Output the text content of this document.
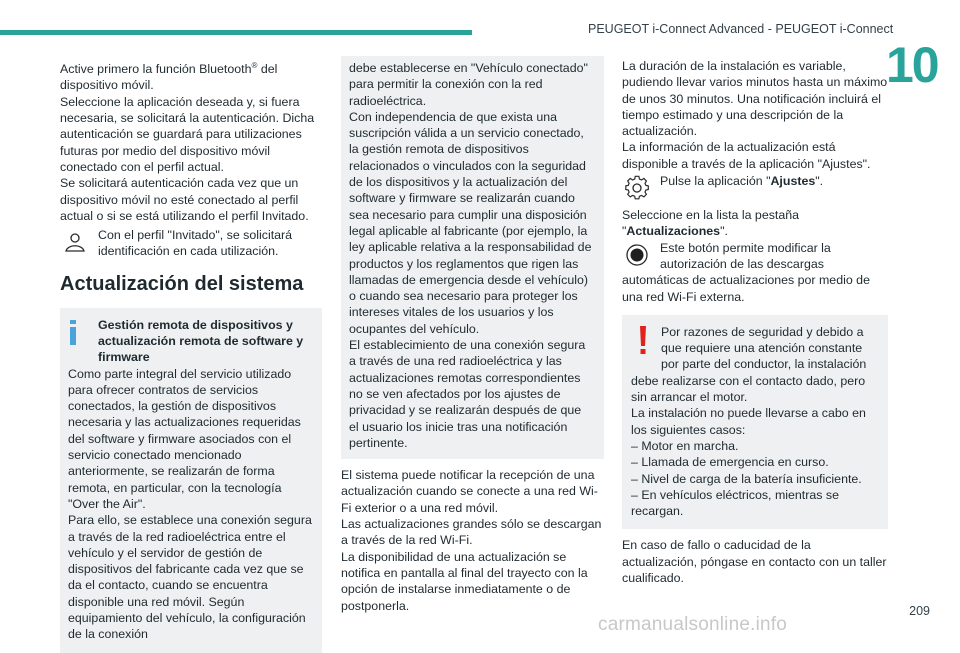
PEUGEOT i-Connect Advanced - PEUGEOT i-Connect
10

Active primero la función Bluetooth® del dispositivo móvil.

Seleccione la aplicación deseada y, si fuera necesaria, se solicitará la autenticación. Dicha autenticación se guardará para utilizaciones futuras por medio del dispositivo móvil conectado con el perfil actual.

Se solicitará autenticación cada vez que un dispositivo móvil no esté conectado al perfil actual o si se está utilizando el perfil Invitado.

Con el perfil "Invitado", se solicitará identificación en cada utilización.

Actualización del sistema

Gestión remota de dispositivos y actualización remota de software y firmware

Como parte integral del servicio utilizado para ofrecer contratos de servicios conectados, la gestión de dispositivos necesaria y las actualizaciones requeridas del software y firmware asociados con el servicio conectado mencionado anteriormente, se realizarán de forma remota, en particular, con la tecnología "Over the Air".

Para ello, se establece una conexión segura a través de la red radioeléctrica entre el vehículo y el servidor de gestión de dispositivos del fabricante cada vez que se da el contacto, cuando se encuentra disponible una red móvil. Según equipamiento del vehículo, la configuración de la conexión

debe establecerse en "Vehículo conectado" para permitir la conexión con la red radioeléctrica.

Con independencia de que exista una suscripción válida a un servicio conectado, la gestión remota de dispositivos relacionados o vinculados con la seguridad de los dispositivos y la actualización del software y firmware se realizarán cuando sea necesario para cumplir una disposición legal aplicable al fabricante (por ejemplo, la ley aplicable relativa a la responsabilidad de productos y los reglamentos que rigen las llamadas de emergencia desde el vehículo) o cuando sea necesario para proteger los intereses vitales de los usuarios y los ocupantes del vehículo.

El establecimiento de una conexión segura a través de una red radioeléctrica y las actualizaciones remotas correspondientes no se ven afectados por los ajustes de privacidad y se realizarán después de que el usuario los inicie tras una notificación pertinente.

El sistema puede notificar la recepción de una actualización cuando se conecte a una red Wi-Fi exterior o a una red móvil.

Las actualizaciones grandes sólo se descargan a través de la red Wi-Fi.

La disponibilidad de una actualización se notifica en pantalla al final del trayecto con la opción de instalarse inmediatamente o de postponerla.

La duración de la instalación es variable, pudiendo llevar varios minutos hasta un máximo de unos 30 minutos. Una notificación incluirá el tiempo estimado y una descripción de la actualización.

La información de la actualización está disponible a través de la aplicación "Ajustes".

Pulse la aplicación "Ajustes".

Seleccione en la lista la pestaña "Actualizaciones".

Este botón permite modificar la autorización de las descargas automáticas de actualizaciones por medio de una red Wi-Fi externa.

Por razones de seguridad y debido a que requiere una atención constante por parte del conductor, la instalación debe realizarse con el contacto dado, pero sin arrancar el motor.

La instalación no puede llevarse a cabo en los siguientes casos:

– Motor en marcha.

– Llamada de emergencia en curso.

– Nivel de carga de la batería insuficiente.

– En vehículos eléctricos, mientras se recargan.

En caso de fallo o caducidad de la actualización, póngase en contacto con un taller cualificado.

209
carmanualsonline.info
